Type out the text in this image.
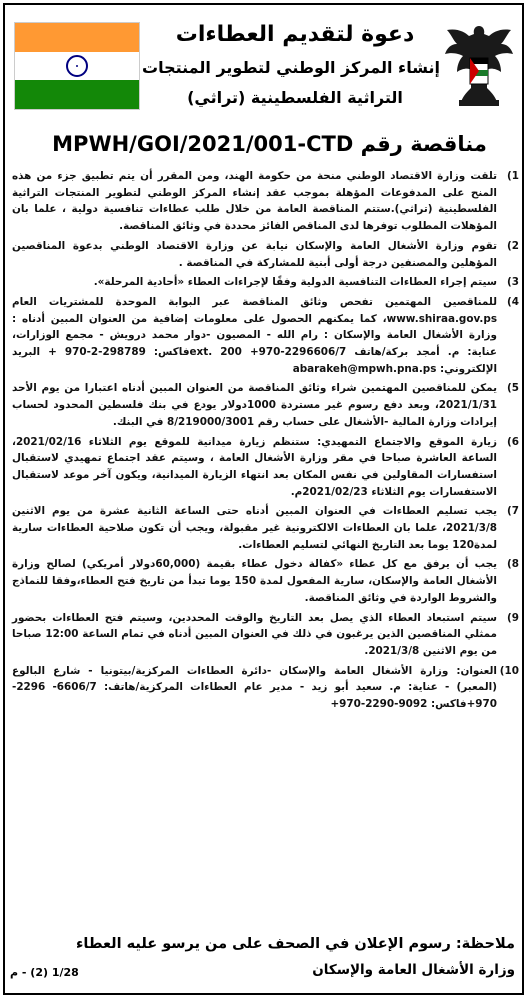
دعوة لتقديم العطاءات
إنشاء المركز الوطني لتطوير المنتجات
التراثية الفلسطينية (تراثي)
مناقصة رقم MPWH/GOI/2021/001-CTD
1)
تلقت وزارة الاقتصاد الوطني منحة من حكومة الهند، ومن المقرر أن يتم تطبيق جزء من هذه المنح على المدفوعات المؤهلة بموجب عقد إنشاء المركز الوطني لتطوير المنتجات التراثية الفلسطينية (تراثي).ستتم المناقصة العامة من خلال طلب عطاءات تنافسية دولية ، علما بان المؤهلات المطلوب توفرها لدى المناقص الفائز محددة في وثائق المناقصة.
2)
تقوم وزارة الأشغال العامة والإسكان نيابة عن وزارة الاقتصاد الوطني بدعوة المناقصين المؤهلين والمصنفين درجة أولى أبنية للمشاركة في المناقصة .
3)
سيتم إجراء العطاءات التنافسية الدولية وفقًا لإجراءات العطاء «أحادية المرحلة».
4)
للمناقصين المهتمين تفحص وثائق المناقصة عبر البوابة الموحدة للمشتريات العام www.shiraa.gov.ps، كما يمكنهم الحصول على معلومات إضافية من العنوان المبين أدناه : وزارة الأشغال العامة والإسكان : رام الله - المصيون -دوار محمد درويش - مجمع الوزارات، عناية: م. أمجد بركة/هاتف ext. 200 +970-2296606/7فاكس: 298789-2-970 + البريد الإلكتروني: abarakeh@mpwh.pna.ps
5)
يمكن للمناقصين المهتمين شراء وثائق المناقصة من العنوان المبين أدناه اعتبارا من يوم الأحد 2021/1/31، وبعد دفع رسوم غير مستردة 1000دولار يودع في بنك فلسطين المحدود لحساب إيرادات وزارة المالية -الأشغال على حساب رقم 8/219000/3001 في البنك.
6)
زيارة الموقع والاجتماع التمهيدي: ستنظم زيارة ميدانية للموقع يوم الثلاثاء 2021/02/16، الساعة العاشرة صباحا في مقر وزارة الأشغال العامة ، وسيتم عقد اجتماع تمهيدي لاستقبال استفسارات المقاولين في نفس المكان بعد انتهاء الزيارة الميدانية، ويكون آخر موعد لاستقبال الاستفسارات يوم الثلاثاء 2021/02/23م.
7)
يجب تسليم العطاءات في العنوان المبين أدناه حتى الساعة الثانية عشرة من يوم الاثنين 2021/3/8، علما بان العطاءات الالكترونية غير مقبولة، ويجب أن تكون صلاحية العطاءات سارية لمدة120 يوما بعد التاريخ النهائي لتسليم العطاءات.
8)
يجب أن يرفق مع كل عطاء «كفالة دخول عطاء بقيمة (60,000دولار أمريكي) لصالح وزارة الأشغال العامة والإسكان، سارية المفعول لمدة 150 يوما تبدأ من تاريخ فتح العطاء،وفقا للنماذج والشروط الواردة في وثائق المناقصة.
9)
سيتم استبعاد العطاء الذي يصل بعد التاريخ والوقت المحددين، وسيتم فتح العطاءات بحضور ممثلي المناقصين الذين يرغبون في ذلك في العنوان المبين أدناه في تمام الساعة 12:00 صباحا من يوم الاثنين 2021/3/8.
10)
العنوان: وزارة الأشغال العامة والإسكان -دائرة العطاءات المركزية/بيتونيا - شارع البالوع (المعبر) - عناية: م. سعيد أبو زيد - مدير عام العطاءات المركزية/هاتف: 6606/7- 2296-970+فاكس: 9092-2290-970+
ملاحظة: رسوم الإعلان في الصحف على من يرسو عليه العطاء
وزارة الأشغال العامة والإسكان
1/28 (2) - م
